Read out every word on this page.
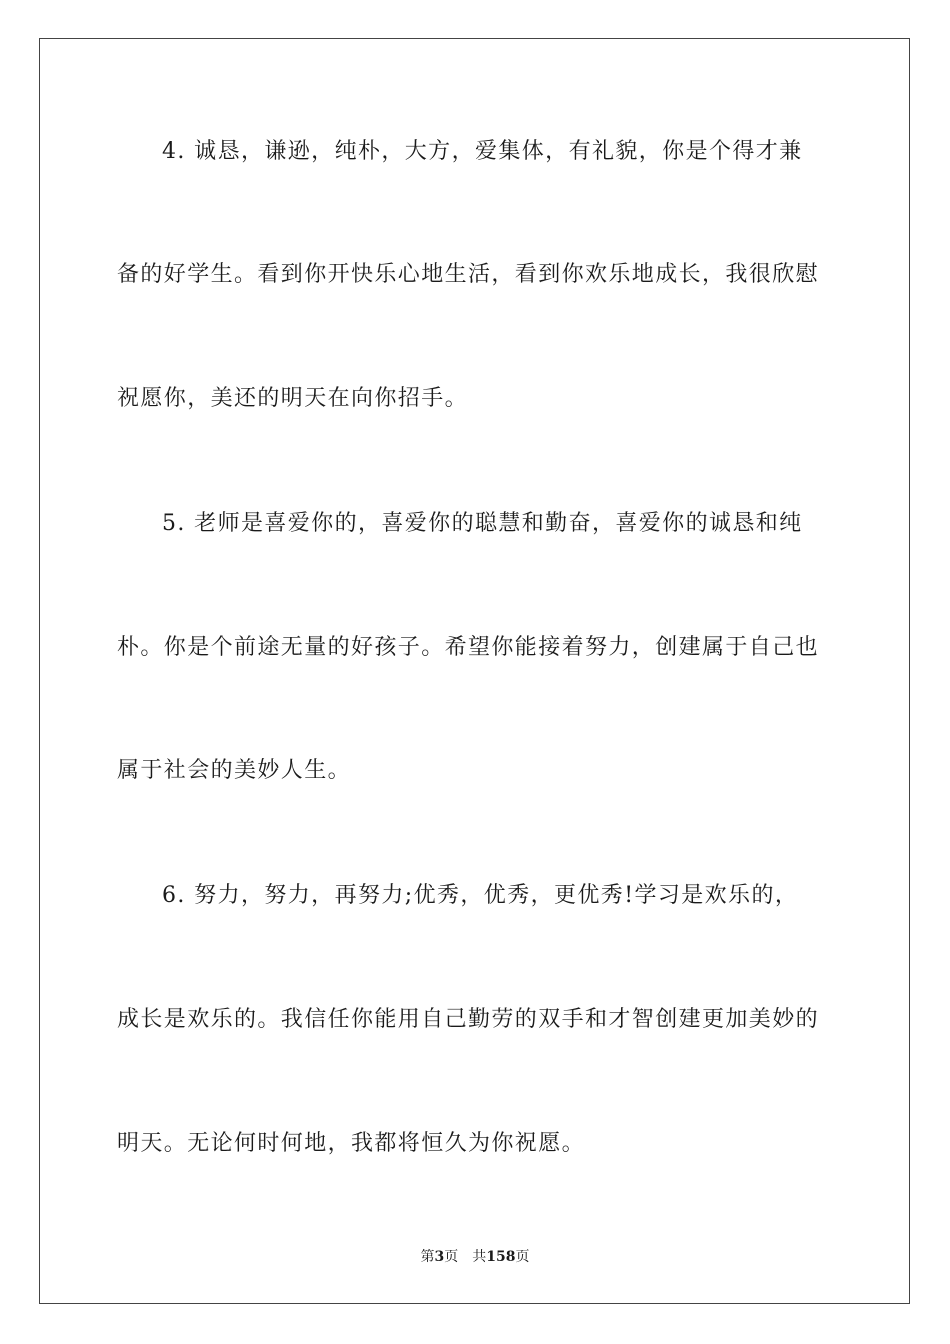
4. 诚恳，谦逊，纯朴，大方，爱集体，有礼貌，你是个得才兼
备的好学生。看到你开快乐心地生活，看到你欢乐地成长，我很欣慰
祝愿你，美还的明天在向你招手。
5. 老师是喜爱你的，喜爱你的聪慧和勤奋，喜爱你的诚恳和纯
朴。你是个前途无量的好孩子。希望你能接着努力，创建属于自己也
属于社会的美妙人生。
6. 努力，努力，再努力;优秀，优秀，更优秀!学习是欢乐的，
成长是欢乐的。我信任你能用自己勤劳的双手和才智创建更加美妙的
明天。无论何时何地，我都将恒久为你祝愿。
第3页 共158页
